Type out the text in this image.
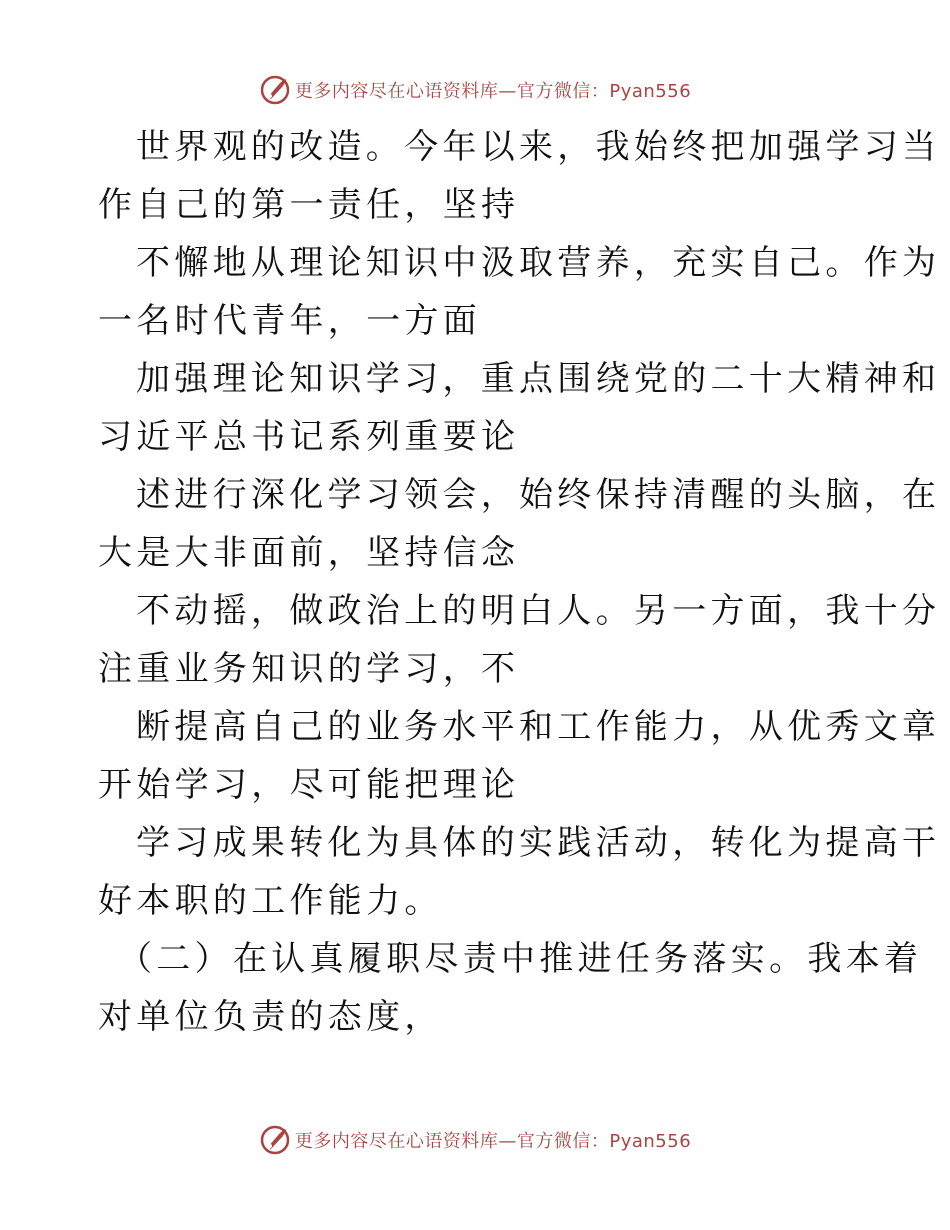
更多内容尽在心语资料库—官方微信：Pyan556
世界观的改造。今年以来，我始终把加强学习当
作自己的第一责任，坚持
不懈地从理论知识中汲取营养，充实自己。作为
一名时代青年，一方面
加强理论知识学习，重点围绕党的二十大精神和
习近平总书记系列重要论
述进行深化学习领会，始终保持清醒的头脑，在
大是大非面前，坚持信念
不动摇，做政治上的明白人。另一方面，我十分
注重业务知识的学习，不
断提高自己的业务水平和工作能力，从优秀文章
开始学习，尽可能把理论
学习成果转化为具体的实践活动，转化为提高干
好本职的工作能力。
（二）在认真履职尽责中推进任务落实。我本着
对单位负责的态度，
更多内容尽在心语资料库—官方微信：Pyan556
